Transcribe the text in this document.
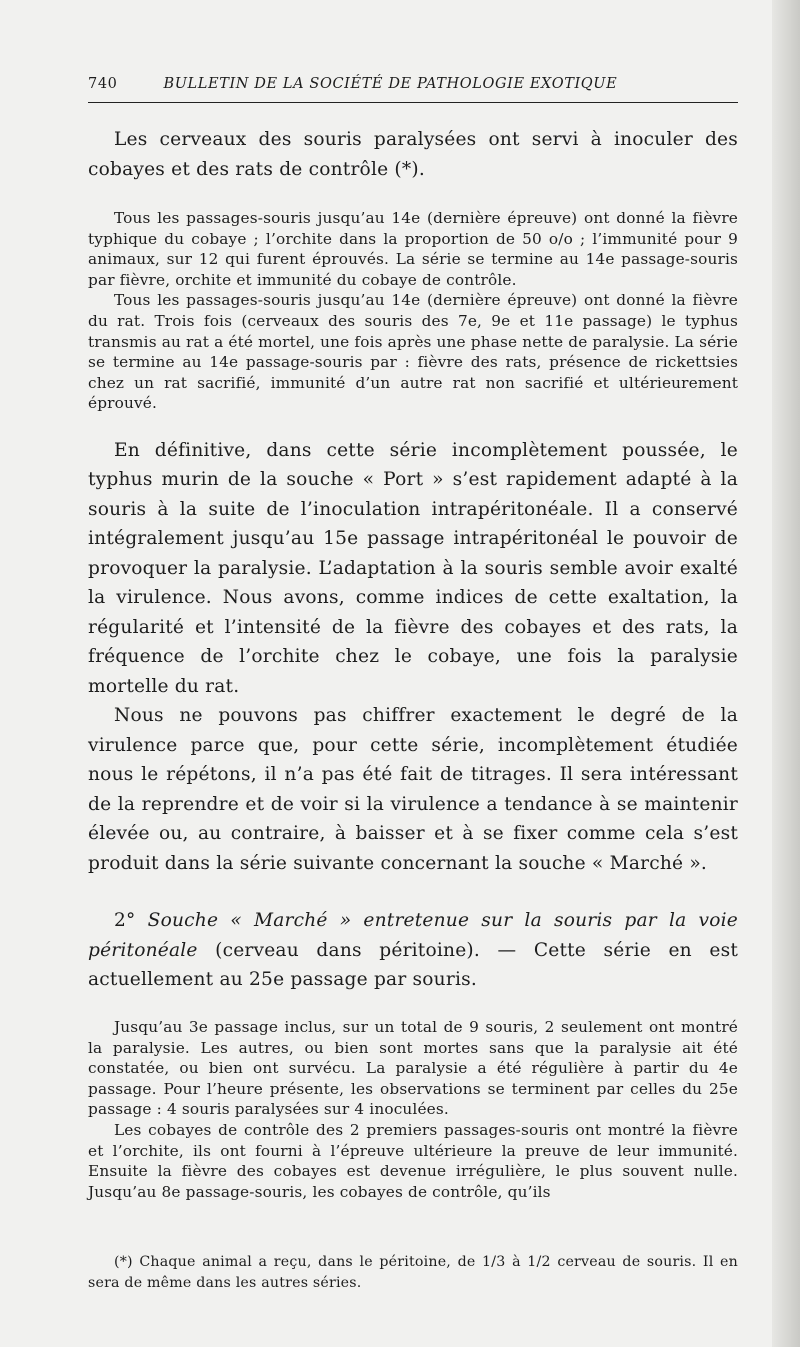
740	BULLETIN DE LA SOCIÉTÉ DE PATHOLOGIE EXOTIQUE

Les cerveaux des souris paralysées ont servi à inoculer des cobayes et des rats de contrôle (*).

Tous les passages-souris jusqu’au 14e (dernière épreuve) ont donné la fièvre typhique du cobaye ; l’orchite dans la proportion de 50 o/o ; l’immunité pour 9 animaux, sur 12 qui furent éprouvés. La série se termine au 14e passage-souris par fièvre, orchite et immunité du cobaye de contrôle.

Tous les passages-souris jusqu’au 14e (dernière épreuve) ont donné la fièvre du rat. Trois fois (cerveaux des souris des 7e, 9e et 11e passage) le typhus transmis au rat a été mortel, une fois après une phase nette de paralysie. La série se termine au 14e passage-souris par : fièvre des rats, présence de rickettsies chez un rat sacrifié, immunité d’un autre rat non sacrifié et ultérieurement éprouvé.

En définitive, dans cette série incomplètement poussée, le typhus murin de la souche « Port » s’est rapidement adapté à la souris à la suite de l’inoculation intrapéritonéale. Il a conservé intégralement jusqu’au 15e passage intrapéritonéal le pouvoir de provoquer la paralysie. L’adaptation à la souris semble avoir exalté la virulence. Nous avons, comme indices de cette exaltation, la régularité et l’intensité de la fièvre des cobayes et des rats, la fréquence de l’orchite chez le cobaye, une fois la paralysie mortelle du rat.

Nous ne pouvons pas chiffrer exactement le degré de la virulence parce que, pour cette série, incomplètement étudiée nous le répétons, il n’a pas été fait de titrages. Il sera intéressant de la reprendre et de voir si la virulence a tendance à se maintenir élevée ou, au contraire, à baisser et à se fixer comme cela s’est produit dans la série suivante concernant la souche « Marché ».

2° Souche « Marché » entretenue sur la souris par la voie péritonéale (cerveau dans péritoine). — Cette série en est actuellement au 25e passage par souris.

Jusqu’au 3e passage inclus, sur un total de 9 souris, 2 seulement ont montré la paralysie. Les autres, ou bien sont mortes sans que la paralysie ait été constatée, ou bien ont survécu. La paralysie a été régulière à partir du 4e passage. Pour l’heure présente, les observations se terminent par celles du 25e passage : 4 souris paralysées sur 4 inoculées.

Les cobayes de contrôle des 2 premiers passages-souris ont montré la fièvre et l’orchite, ils ont fourni à l’épreuve ultérieure la preuve de leur immunité. Ensuite la fièvre des cobayes est devenue irrégulière, le plus souvent nulle. Jusqu’au 8e passage-souris, les cobayes de contrôle, qu’ils

(*) Chaque animal a reçu, dans le péritoine, de 1/3 à 1/2 cerveau de souris. Il en sera de même dans les autres séries.
